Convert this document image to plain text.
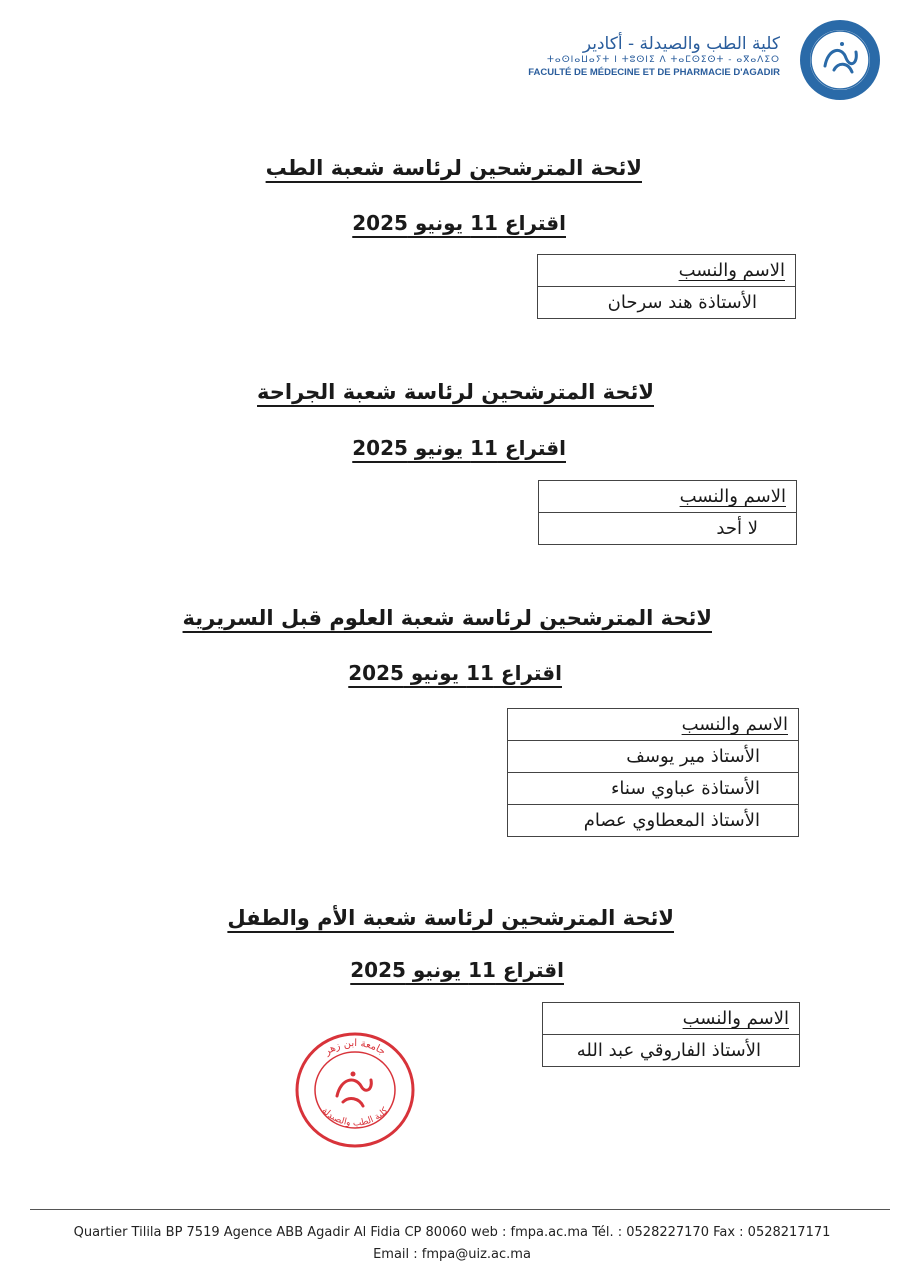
كلية الطب والصيدلة - أكادير
ⵜⴰⵙⵏⴰⵡⴰⵢⵜ ⵏ ⵜⵓⵙⵏⵉ ⴷ ⵜⴰⵎⵙⵉⵙⵜ - ⴰⴳⴰⴷⵉⵔ
FACULTÉ DE MÉDECINE ET DE PHARMACIE D'AGADIR
لائحة المترشحين لرئاسة شعبة الطب
اقتراع 11 يونيو 2025
الاسم والنسب
الأستاذة هند سرحان
لائحة المترشحين لرئاسة شعبة الجراحة
اقتراع 11 يونيو 2025
الاسم والنسب
لا أحد
لائحة المترشحين لرئاسة شعبة العلوم قبل السريرية
اقتراع 11 يونيو 2025
الاسم والنسب
الأستاذ مير يوسف
الأستاذة عباوي سناء
الأستاذ المعطاوي عصام
لائحة المترشحين لرئاسة شعبة الأم والطفل
اقتراع 11 يونيو 2025
الاسم والنسب
الأستاذ الفاروقي عبد الله
جامعة ابن زهر
كلية الطب والصيدلة
Quartier Tilila BP 7519 Agence ABB Agadir Al Fidia CP 80060 web : fmpa.ac.ma Tél. : 0528227170 Fax : 0528217171
Email : fmpa@uiz.ac.ma
